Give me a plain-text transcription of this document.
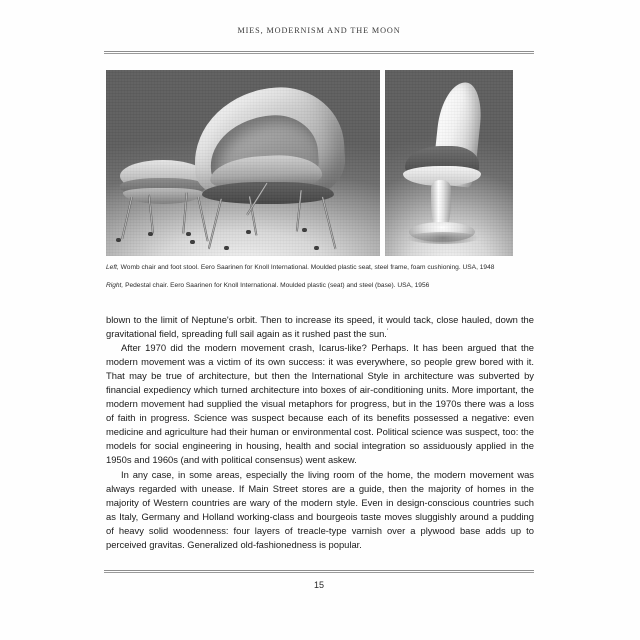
MIES, MODERNISM AND THE MOON
Left, Womb chair and foot stool. Eero Saarinen for Knoll International. Moulded plastic seat, steel frame, foam cushioning. USA, 1948
Right, Pedestal chair. Eero Saarinen for Knoll International. Moulded plastic (seat) and steel (base). USA, 1956

blown to the limit of Neptune's orbit. Then to increase its speed, it would tack, close hauled, down the gravitational field, spreading full sail again as it rushed past the sun.'

After 1970 did the modern movement crash, Icarus-like? Perhaps. It has been argued that the modern movement was a victim of its own success: it was everywhere, so people grew bored with it. That may be true of architecture, but then the International Style in architecture was subverted by financial expediency which turned architecture into boxes of air-conditioning units. More important, the modern movement had supplied the visual metaphors for progress, but in the 1970s there was a loss of faith in progress. Science was suspect because each of its benefits possessed a negative: even medicine and agriculture had their human or environmental cost. Political science was suspect, too: the models for social engineering in housing, health and social integration so assiduously applied in the 1950s and 1960s (and with political consensus) went askew.

In any case, in some areas, especially the living room of the home, the modern movement was always regarded with unease. If Main Street stores are a guide, then the majority of homes in the majority of Western countries are wary of the modern style. Even in design-conscious countries such as Italy, Germany and Holland working-class and bourgeois taste moves sluggishly around a pudding of heavy solid woodenness: four layers of treacle-type varnish over a plywood base adds up to perceived gravitas. Generalized old-fashionedness is popular.

15
